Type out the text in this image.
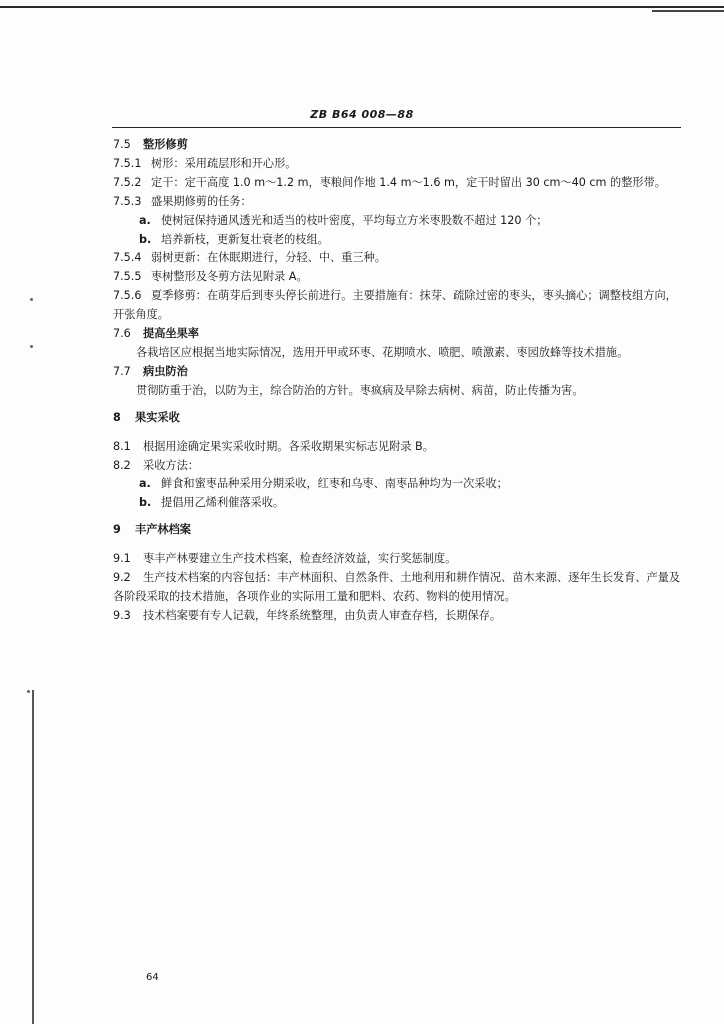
ZB B64 008—88
7.5 整形修剪
7.5.1 树形：采用疏层形和开心形。
7.5.2 定干：定干高度 1.0 m～1.2 m，枣粮间作地 1.4 m～1.6 m，定干时留出 30 cm～40 cm 的整形带。
7.5.3 盛果期修剪的任务：
a. 使树冠保持通风透光和适当的枝叶密度，平均每立方米枣股数不超过 120 个；
b. 培养新枝，更新复壮衰老的枝组。
7.5.4 弱树更新：在休眠期进行，分轻、中、重三种。
7.5.5 枣树整形及冬剪方法见附录 A。
7.5.6 夏季修剪：在萌芽后到枣头停长前进行。主要措施有：抹芽、疏除过密的枣头，枣头摘心；调整枝组方向，开张角度。
7.6 提高坐果率
各栽培区应根据当地实际情况，选用开甲或环枣、花期喷水、喷肥、喷激素、枣园放蜂等技术措施。
7.7 病虫防治
贯彻防重于治，以防为主，综合防治的方针。枣疯病及早除去病树、病苗，防止传播为害。
8 果实采收
8.1 根据用途确定果实采收时期。各采收期果实标志见附录 B。
8.2 采收方法：
a. 鲜食和蜜枣品种采用分期采收，红枣和乌枣、南枣品种均为一次采收；
b. 提倡用乙烯利催落采收。
9 丰产林档案
9.1 枣丰产林要建立生产技术档案，检查经济效益，实行奖惩制度。
9.2 生产技术档案的内容包括：丰产林面积、自然条件、土地利用和耕作情况、苗木来源、逐年生长发育、产量及各阶段采取的技术措施，各项作业的实际用工量和肥料、农药、物料的使用情况。
9.3 技术档案要有专人记载，年终系统整理，由负责人审查存档，长期保存。
64
